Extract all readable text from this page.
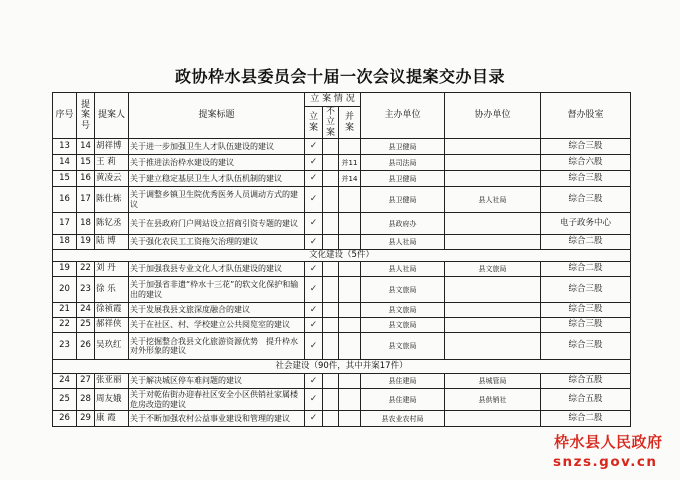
政协枠水县委员会十届一次会议提案交办目录
序号	提案号	提案人	提案标题	立 案 情 况			主办单位	协办单位	督办股室
				立 案	不立案	并 案			
13	14	胡祥博	关于进一步加强卫生人才队伍建设的建议	✓			县卫健局		综合三股
14	15	王 莉	关于推进法治枠水建设的建议	✓		并11	县司法局		综合六股
15	16	黄凌云	关于建立稳定基层卫生人才队伍机制的建议	✓		并14	县卫健局		综合三股
16	17	陈仕栋	关于调整乡镇卫生院优秀医务人员调动方式的建议	✓			县卫健局	县人社局	综合三股
17	18	陈钇丞	关于在县政府门户网站设立招商引资专题的建议	✓			县政府办		电子政务中心
18	19	陆 博	关于强化农民工工资拖欠治理的建议	✓			县人社局		综合二股
文化建设（5件）									
19	22	刘 丹	关于加强我县专业文化人才队伍建设的建议	✓			县人社局	县文旅局	综合二股
20	23	徐 乐	关于加强省非遗“枠水十三花”的软文化保护和输出的建议	✓			县文旅局		综合三股
21	24	徐祯霞	关于发展我县文旅深度融合的建议	✓			县文旅局		综合三股
22	25	郝祥侠	关于在社区、村、学校建立公共阅览室的建议	✓			县文旅局		综合三股
23	26	吴玖红	关于挖掘整合我县文化旅游资源优势　提升枠水对外形象的建议	✓			县文旅局		综合三股
社会建设（90件，其中并案17件）									
24	27	张亚丽	关于解决城区停车难问题的建议	✓			县住建局	县城管局	综合五股
25	28	周友娥	关于对乾佑街办迎春社区安全小区供销社家属楼危房改造的建议	✓			县住建局	县供销社	综合五股
26	29	康 霞	关于不断加强农村公益事业建设和管理的建议	✓			县农业农村局		综合二股
枠水县人民政府
snzs.gov.cn
